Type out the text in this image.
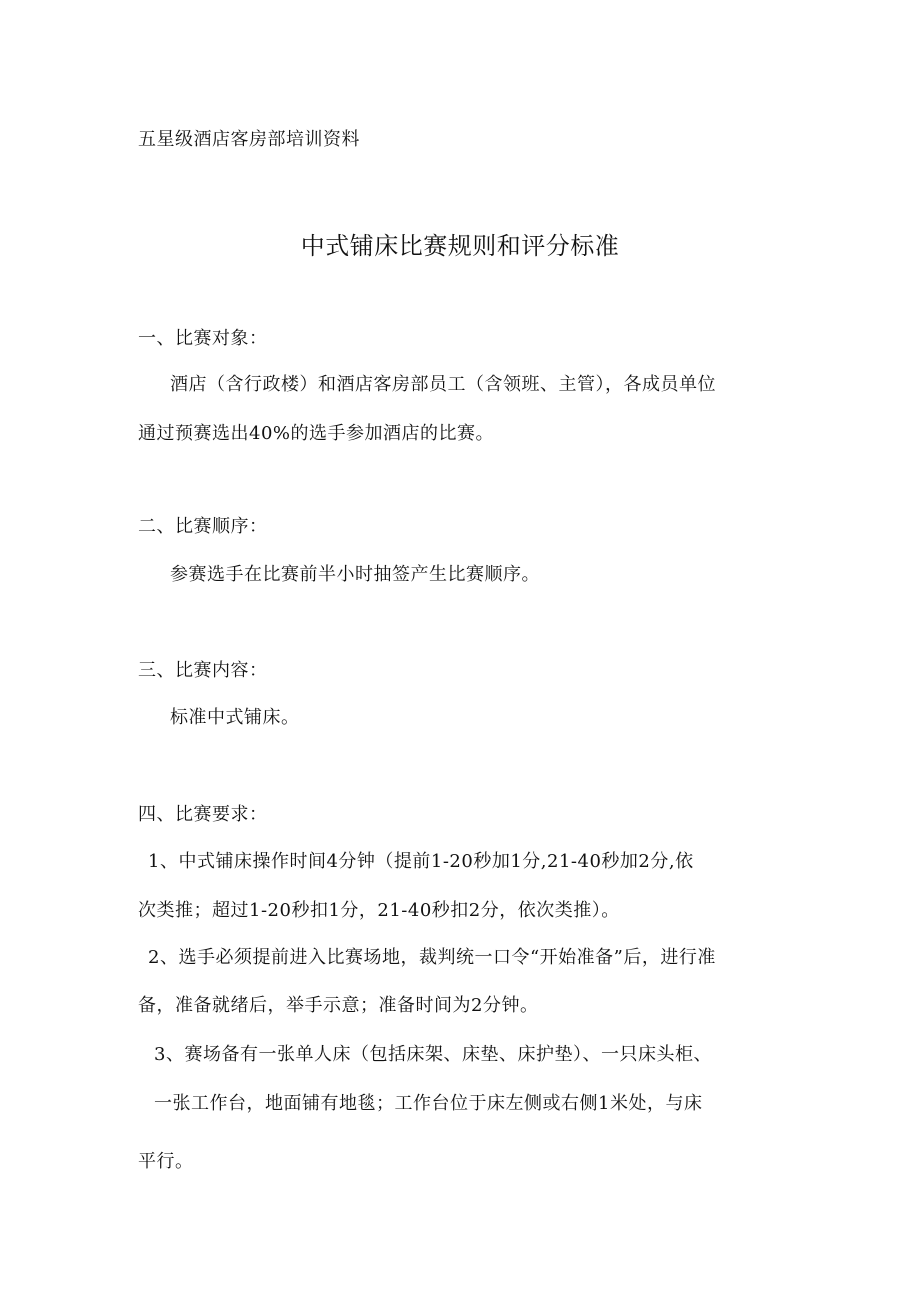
五星级酒店客房部培训资料
中式铺床比赛规则和评分标准
一、比赛对象：
酒店（含行政楼）和酒店客房部员工（含领班、主管），各成员单位
通过预赛选出40%的选手参加酒店的比赛。
二、比赛顺序：
参赛选手在比赛前半小时抽签产生比赛顺序。
三、比赛内容：
标准中式铺床。
四、比赛要求：
1、中式铺床操作时间4分钟（提前1-20秒加1分,21-40秒加2分,依
次类推；超过1-20秒扣1分，21-40秒扣2分，依次类推）。
2、选手必须提前进入比赛场地，裁判统一口令“开始准备”后，进行准
备，准备就绪后，举手示意；准备时间为2分钟。
3、赛场备有一张单人床（包括床架、床垫、床护垫）、一只床头柜、
一张工作台，地面铺有地毯；工作台位于床左侧或右侧1米处，与床
平行。
